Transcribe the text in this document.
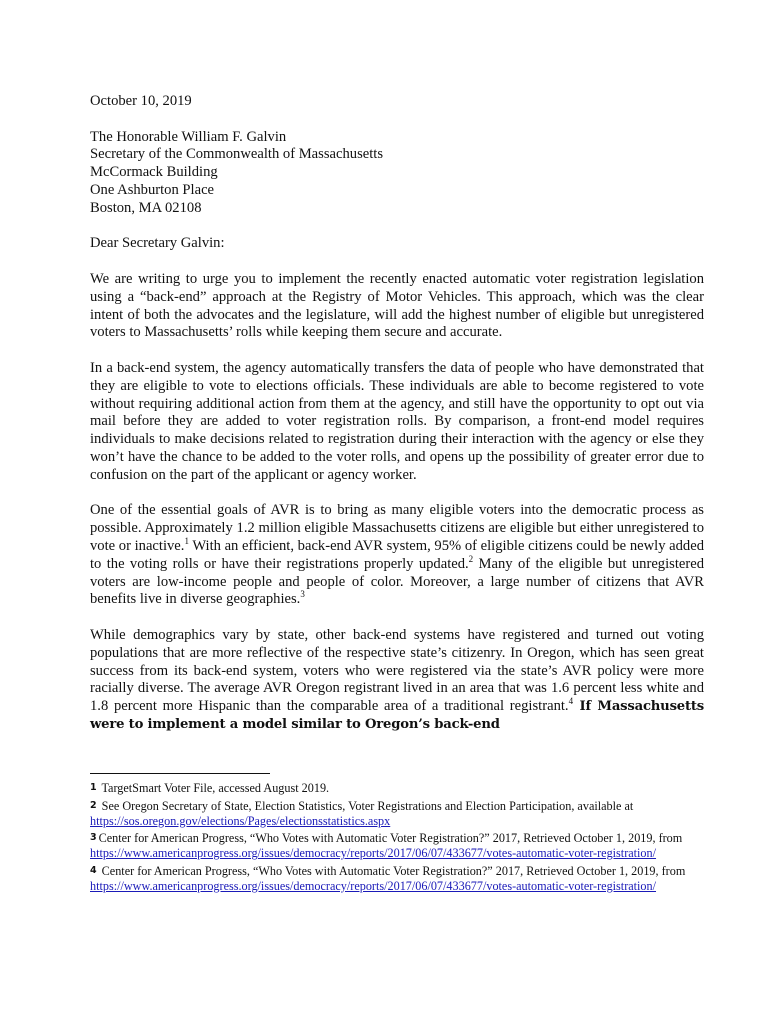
October 10, 2019
The Honorable William F. Galvin
Secretary of the Commonwealth of Massachusetts
McCormack Building
One Ashburton Place
Boston, MA 02108

Dear Secretary Galvin:

We are writing to urge you to implement the recently enacted automatic voter registration legislation using a “back-end” approach at the Registry of Motor Vehicles. This approach, which was the clear intent of both the advocates and the legislature, will add the highest number of eligible but unregistered voters to Massachusetts’ rolls while keeping them secure and accurate.

In a back-end system, the agency automatically transfers the data of people who have demonstrated that they are eligible to vote to elections officials. These individuals are able to become registered to vote without requiring additional action from them at the agency, and still have the opportunity to opt out via mail before they are added to voter registration rolls. By comparison, a front-end model requires individuals to make decisions related to registration during their interaction with the agency or else they won’t have the chance to be added to the voter rolls, and opens up the possibility of greater error due to confusion on the part of the applicant or agency worker.

One of the essential goals of AVR is to bring as many eligible voters into the democratic process as possible. Approximately 1.2 million eligible Massachusetts citizens are eligible but either unregistered to vote or inactive.$^1$ With an efficient, back-end AVR system, 95% of eligible citizens could be newly added to the voting rolls or have their registrations properly updated.$^2$ Many of the eligible but unregistered voters are low-income people and people of color. Moreover, a large number of citizens that AVR benefits live in diverse geographies.$^3$

While demographics vary by state, other back-end systems have registered and turned out voting populations that are more reflective of the respective state’s citizenry. In Oregon, which has seen great success from its back-end system, voters who were registered via the state’s AVR policy were more racially diverse. The average AVR Oregon registrant lived in an area that was 1.6 percent less white and 1.8 percent more Hispanic than the comparable area of a traditional registrant.$^4$ If Massachusetts were to implement a model similar to Oregon’s back-end

1 TargetSmart Voter File, accessed August 2019.
2 See Oregon Secretary of State, Election Statistics, Voter Registrations and Election Participation, available at https://sos.oregon.gov/elections/Pages/electionsstatistics.aspx
3 Center for American Progress, “Who Votes with Automatic Voter Registration?” 2017, Retrieved October 1, 2019, from https://www.americanprogress.org/issues/democracy/reports/2017/06/07/433677/votes-automatic-voter-registration/
4 Center for American Progress, “Who Votes with Automatic Voter Registration?” 2017, Retrieved October 1, 2019, from https://www.americanprogress.org/issues/democracy/reports/2017/06/07/433677/votes-automatic-voter-registration/
